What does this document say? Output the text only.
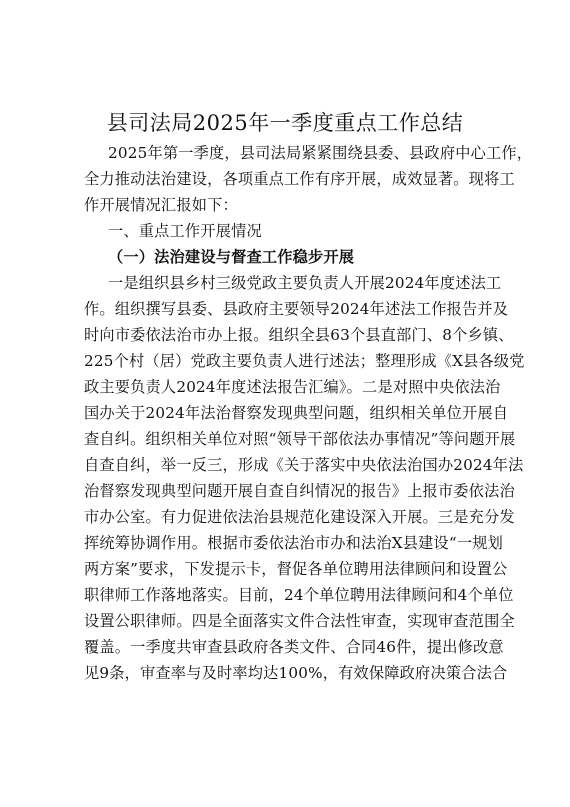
县司法局2025年一季度重点工作总结
2025年第一季度，县司法局紧紧围绕县委、县政府中心工作，
全力推动法治建设，各项重点工作有序开展，成效显著。现将工
作开展情况汇报如下：
一、重点工作开展情况
（一）法治建设与督查工作稳步开展
一是组织县乡村三级党政主要负责人开展2024年度述法工
作。组织撰写县委、县政府主要领导2024年述法工作报告并及
时向市委依法治市办上报。组织全县63个县直部门、8个乡镇、
225个村（居）党政主要负责人进行述法；整理形成《X县各级党
政主要负责人2024年度述法报告汇编》。二是对照中央依法治
国办关于2024年法治督察发现典型问题，组织相关单位开展自
查自纠。组织相关单位对照“领导干部依法办事情况”等问题开展
自查自纠，举一反三，形成《关于落实中央依法治国办2024年法
治督察发现典型问题开展自查自纠情况的报告》上报市委依法治
市办公室。有力促进依法治县规范化建设深入开展。三是充分发
挥统筹协调作用。根据市委依法治市办和法治X县建设“一规划
两方案”要求，下发提示卡，督促各单位聘用法律顾问和设置公
职律师工作落地落实。目前，24个单位聘用法律顾问和4个单位
设置公职律师。四是全面落实文件合法性审查，实现审查范围全
覆盖。一季度共审查县政府各类文件、合同46件，提出修改意
见9条，审查率与及时率均达100%，有效保障政府决策合法合
